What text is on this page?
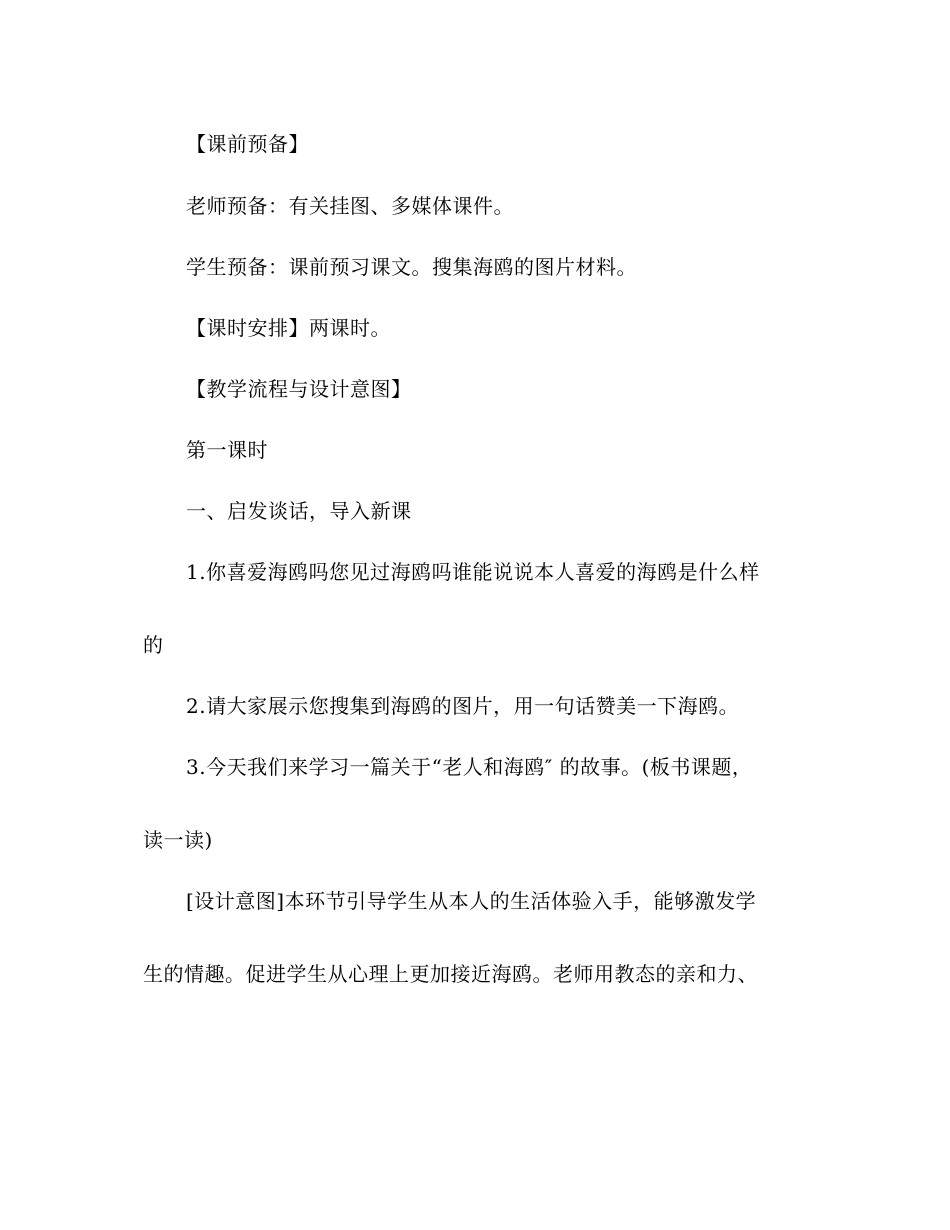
【课前预备】
老师预备：有关挂图、多媒体课件。
学生预备：课前预习课文。搜集海鸥的图片材料。
【课时安排】两课时。
【教学流程与设计意图】
第一课时
一、启发谈话，导入新课
1.你喜爱海鸥吗您见过海鸥吗谁能说说本人喜爱的海鸥是什么样
的
2.请大家展示您搜集到海鸥的图片，用一句话赞美一下海鸥。
3.今天我们来学习一篇关于“老人和海鸥″ 的故事。(板书课题，
读一读)
[设计意图]本环节引导学生从本人的生活体验入手，能够激发学
生的情趣。促进学生从心理上更加接近海鸥。老师用教态的亲和力、
